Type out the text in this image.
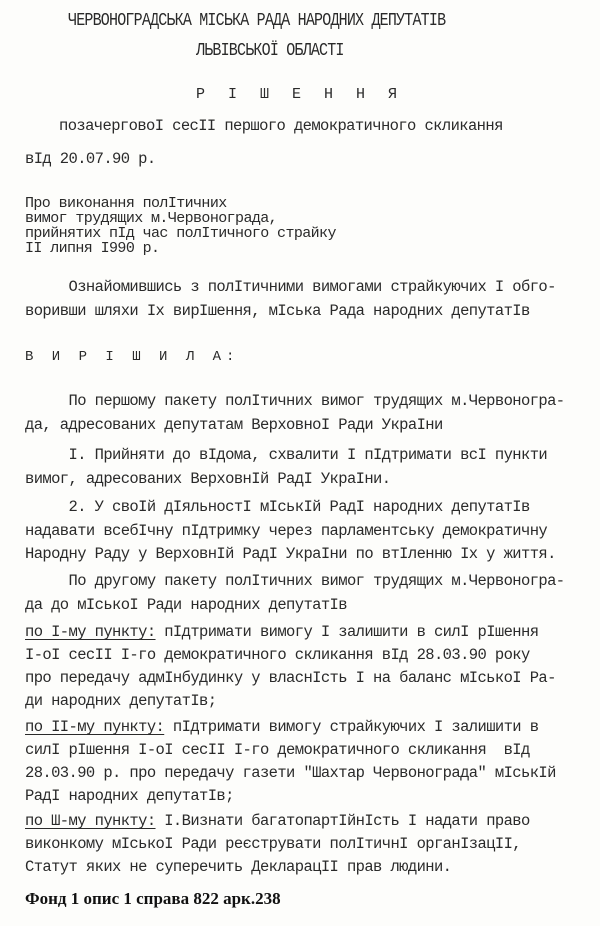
ЧЕРВОНОГРАДСЬКА МІСЬКА РАДА НАРОДНИХ ДЕПУТАТІВ
ЛЬВІВСЬКОЇ ОБЛАСТІ
Р І Ш Е Н Н Я
позачерговоI сесII першого демократичного скликання
вIд 20.07.90 р.
Про виконання полIтичних
вимог трудящих м.Червонограда,
прийнятих пIд час полIтичного страйку
II липня I990 р.
Ознайомившись з полIтичними вимогами страйкуючих I обго-
воривши шляхи Iх вирIшення, мIська Рада народних депутатIв
В И Р І Ш И Л А:
По першому пакету полIтичних вимог трудящих м.Червоногра-
да, адресованих депутатам ВерховноI Ради УкраIни
I. Прийняти до вIдома, схвалити I пIдтримати всI пункти
вимог, адресованих ВерховнIй РадI УкраIни.
2. У своIй дIяльностI мIськIй РадI народних депутатIв
надавати всебIчну пIдтримку через парламентську демократичну
Народну Раду у ВерховнIй РадI УкраIни по втIленню Iх у життя.
По другому пакету полIтичних вимог трудящих м.Червоногра-
да до мIськоI Ради народних депутатIв
по I-му пункту: пIдтримати вимогу I залишити в силI рIшення
I-оI сесII I-го демократичного скликання вIд 28.03.90 року
про передачу адмIнбудинку у власнIсть I на баланс мIськоI Ра-
ди народних депутатIв;
по II-му пункту: пIдтримати вимогу страйкуючих I залишити в
силI рIшення I-оI сесII I-го демократичного скликання  вIд
28.03.90 р. про передачу газети "Шахтар Червонограда" мIськIй
РадI народних депутатIв;
по Ш-му пункту: I.Визнати багатопартIйнIсть I надати право
виконкому мIськоI Ради реєструвати полIтичнI органIзацII,
Статут яких не суперечить ДекларацII прав людини.
Фонд 1 опис 1 справа 822 арк.238
